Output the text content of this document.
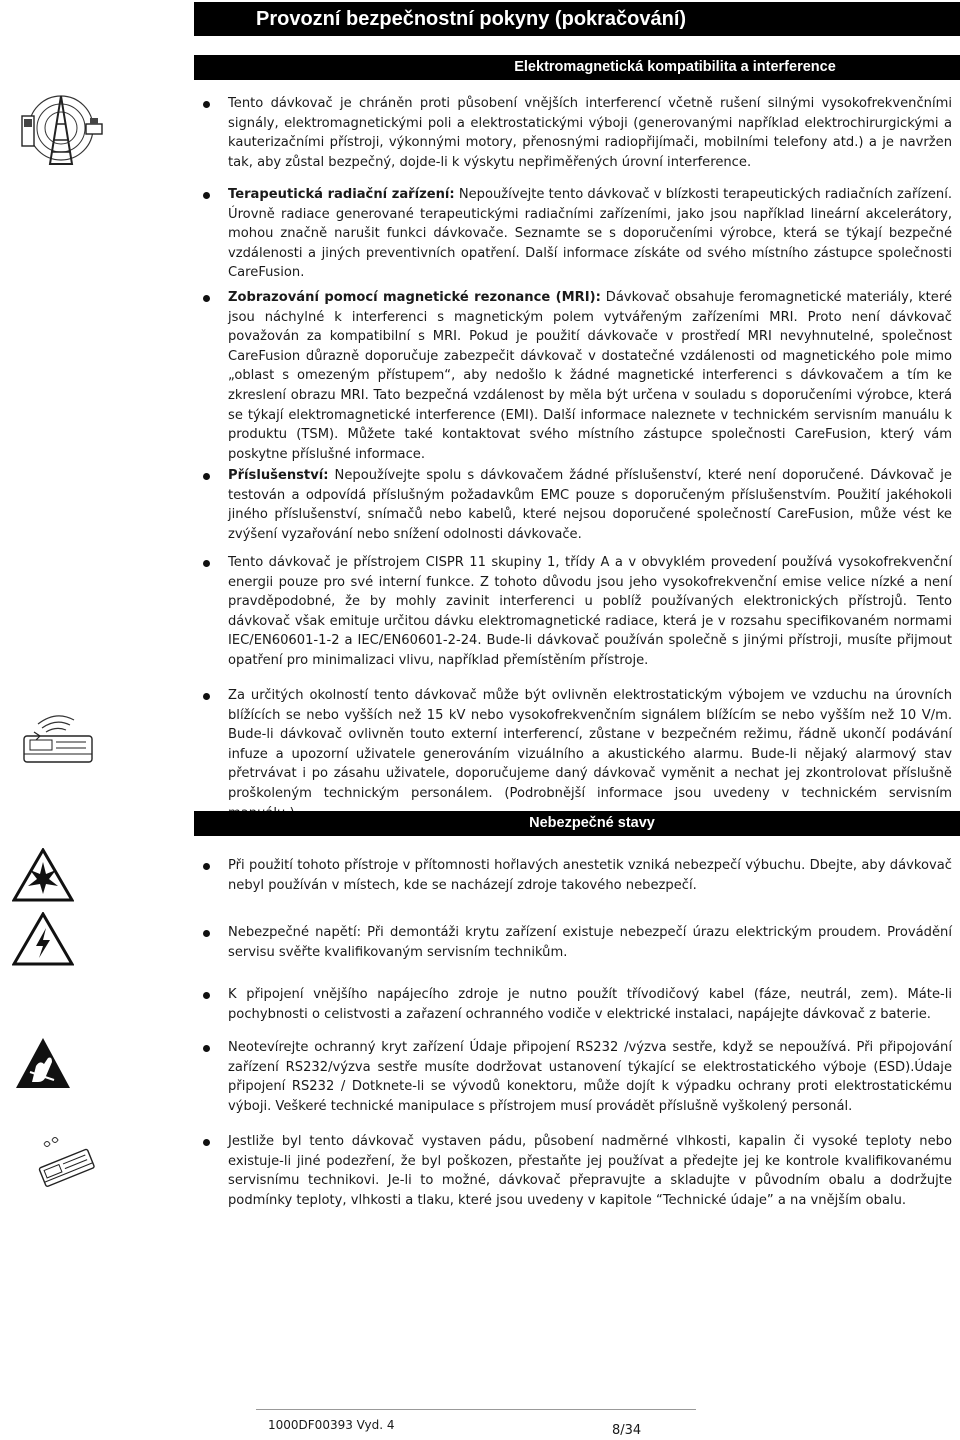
Provozní bezpečnostní pokyny (pokračování)
Elektromagnetická kompatibilita a interference
Tento dávkovač je chráněn proti působení vnějších interferencí včetně rušení silnými vysokofrekvenčními signály, elektromagnetickými poli a elektrostatickými výboji (generovanými například elektrochirurgickými a kauterizačními přístroji, výkonnými motory, přenosnými radiopřijímači, mobilními telefony atd.) a je navržen tak, aby zůstal bezpečný, dojde-li k výskytu nepřiměřených úrovní interference.
Terapeutická radiační zařízení: Nepoužívejte tento dávkovač v blízkosti terapeutických radiačních zařízení. Úrovně radiace generované terapeutickými radiačními zařízeními, jako jsou například lineární akcelerátory, mohou značně narušit funkci dávkovače. Seznamte se s doporučeními výrobce, která se týkají bezpečné vzdálenosti a jiných preventivních opatření. Další informace získáte od svého místního zástupce společnosti CareFusion.
Zobrazování pomocí magnetické rezonance (MRI): Dávkovač obsahuje feromagnetické materiály, které jsou náchylné k interferenci s magnetickým polem vytvářeným zařízeními MRI. Proto není dávkovač považován za kompatibilní s MRI. Pokud je použití dávkovače v prostředí MRI nevyhnutelné, společnost CareFusion důrazně doporučuje zabezpečit dávkovač v dostatečné vzdálenosti od magnetického pole mimo „oblast s omezeným přístupem“, aby nedošlo k žádné magnetické interferenci s dávkovačem a tím ke zkreslení obrazu MRI. Tato bezpečná vzdálenost by měla být určena v souladu s doporučeními výrobce, která se týkají elektromagnetické interference (EMI). Další informace naleznete v technickém servisním manuálu k produktu (TSM). Můžete také kontaktovat svého místního zástupce společnosti CareFusion, který vám poskytne příslušné informace.
Příslušenství: Nepoužívejte spolu s dávkovačem žádné příslušenství, které není doporučené. Dávkovač je testován a odpovídá příslušným požadavkům EMC pouze s doporučeným příslušenstvím. Použití jakéhokoli jiného příslušenství, snímačů nebo kabelů, které nejsou doporučené společností CareFusion, může vést ke zvýšení vyzařování nebo snížení odolnosti dávkovače.
Tento dávkovač je přístrojem CISPR 11 skupiny 1, třídy A a v obvyklém provedení používá vysokofrekvenční energii pouze pro své interní funkce. Z tohoto důvodu jsou jeho vysokofrekvenční emise velice nízké a není pravděpodobné, že by mohly zavinit interferenci u poblíž používaných elektronických přístrojů. Tento dávkovač však emituje určitou dávku elektromagnetické radiace, která je v rozsahu specifikovaném normami IEC/EN60601-1-2 a IEC/EN60601-2-24. Bude-li dávkovač používán společně s jinými přístroji, musíte přijmout opatření pro minimalizaci vlivu, například přemístěním přístroje.
Za určitých okolností tento dávkovač může být ovlivněn elektrostatickým výbojem ve vzduchu na úrovních blížících se nebo vyšších než 15 kV nebo vysokofrekvenčním signálem blížícím se nebo vyšším než 10 V/m. Bude-li dávkovač ovlivněn touto externí interferencí, zůstane v bezpečném režimu, řádně ukončí podávání infuze a upozorní uživatele generováním vizuálního a akustického alarmu. Bude-li nějaký alarmový stav přetrvávat i po zásahu uživatele, doporučujeme daný dávkovač vyměnit a nechat jej zkontrolovat příslušně proškoleným technickým personálem. (Podrobnější informace jsou uvedeny v technickém servisním
Nebezpečné stavy
Při použití tohoto přístroje v přítomnosti hořlavých anestetik vzniká nebezpečí výbuchu. Dbejte, aby dávkovač nebyl používán v místech, kde se nacházejí zdroje takového nebezpečí.
Nebezpečné napětí: Při demontáži krytu zařízení existuje nebezpečí úrazu elektrickým proudem. Provádění servisu svěřte kvalifikovaným servisním technikům.
K připojení vnějšího napájecího zdroje je nutno použít třívodičový kabel (fáze, neutrál, zem). Máte-li pochybnosti o celistvosti a zařazení ochranného vodiče v elektrické instalaci, napájejte dávkovač z baterie.
Neotevírejte ochranný kryt zařízení Údaje připojení RS232 /výzva sestře, když se nepoužívá. Při připojování zařízení RS232/výzva sestře musíte dodržovat ustanovení týkající se elektrostatického výboje (ESD).Údaje připojení RS232 / Dotknete-li se vývodů konektoru, může dojít k výpadku ochrany proti elektrostatickému výboji. Veškeré technické manipulace s přístrojem musí provádět příslušně vyškolený personál.
Jestliže byl tento dávkovač vystaven pádu, působení nadměrné vlhkosti, kapalin či vysoké teploty nebo existuje-li jiné podezření, že byl poškozen, přestaňte jej používat a předejte jej ke kontrole kvalifikovanému servisnímu technikovi. Je-li to možné, dávkovač přepravujte a skladujte v původním obalu a dodržujte podmínky teploty, vlhkosti a tlaku, které jsou uvedeny v kapitole “Technické údaje” a na vnějším obalu.
1000DF00393 Vyd. 4	8/34
